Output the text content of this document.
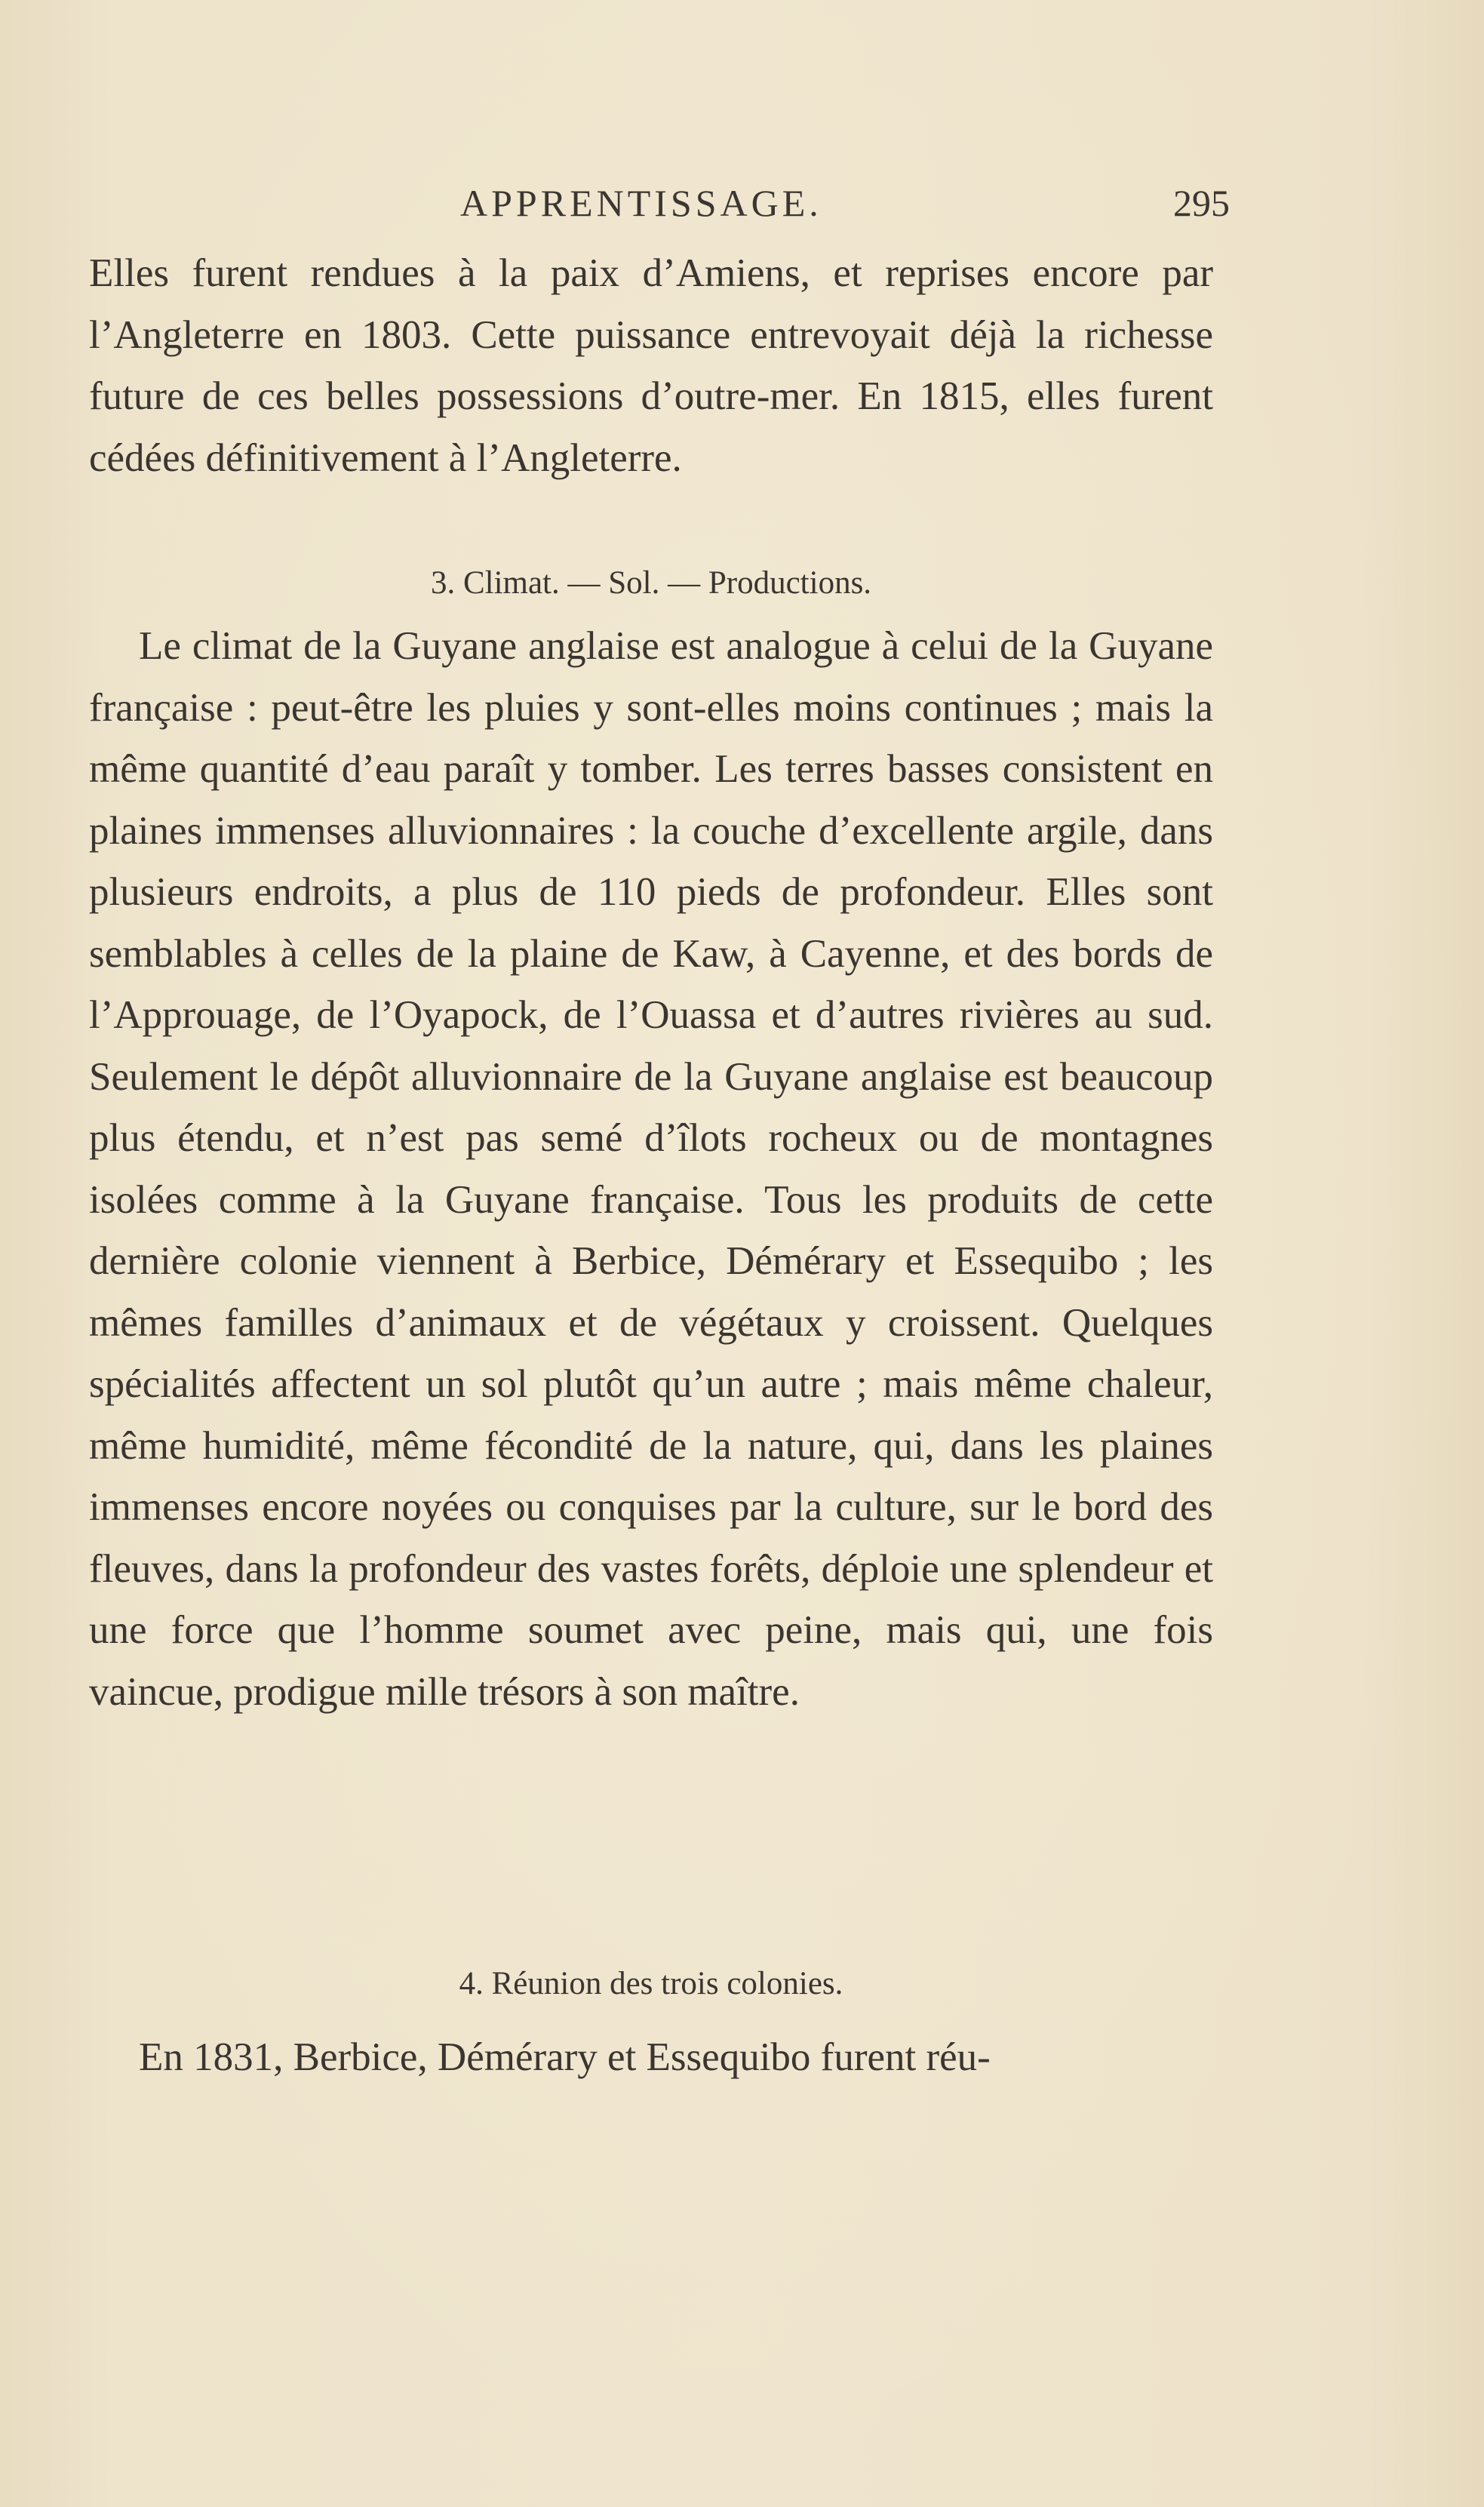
APPRENTISSAGE.	295

Elles furent rendues à la paix d’Amiens, et reprises encore par l’Angleterre en 1803. Cette puissance entrevoyait déjà la richesse future de ces belles possessions d’outre-mer. En 1815, elles furent cédées définitivement à l’Angleterre.

3. Climat. — Sol. — Productions.

Le climat de la Guyane anglaise est analogue à celui de la Guyane française : peut-être les pluies y sont-elles moins continues ; mais la même quantité d’eau paraît y tomber. Les terres basses consistent en plaines immenses alluvionnaires : la couche d’excellente argile, dans plusieurs endroits, a plus de 110 pieds de profondeur. Elles sont semblables à celles de la plaine de Kaw, à Cayenne, et des bords de l’Approuage, de l’Oyapock, de l’Ouassa et d’autres rivières au sud. Seulement le dépôt alluvionnaire de la Guyane anglaise est beaucoup plus étendu, et n’est pas semé d’îlots rocheux ou de montagnes isolées comme à la Guyane française. Tous les produits de cette dernière colonie viennent à Berbice, Démérary et Essequibo ; les mêmes familles d’animaux et de végétaux y croissent. Quelques spécialités affectent un sol plutôt qu’un autre ; mais même chaleur, même humidité, même fécondité de la nature, qui, dans les plaines immenses encore noyées ou conquises par la culture, sur le bord des fleuves, dans la profondeur des vastes forêts, déploie une splendeur et une force que l’homme soumet avec peine, mais qui, une fois vaincue, prodigue mille trésors à son maître.

4. Réunion des trois colonies.

En 1831, Berbice, Démérary et Essequibo furent réu-
